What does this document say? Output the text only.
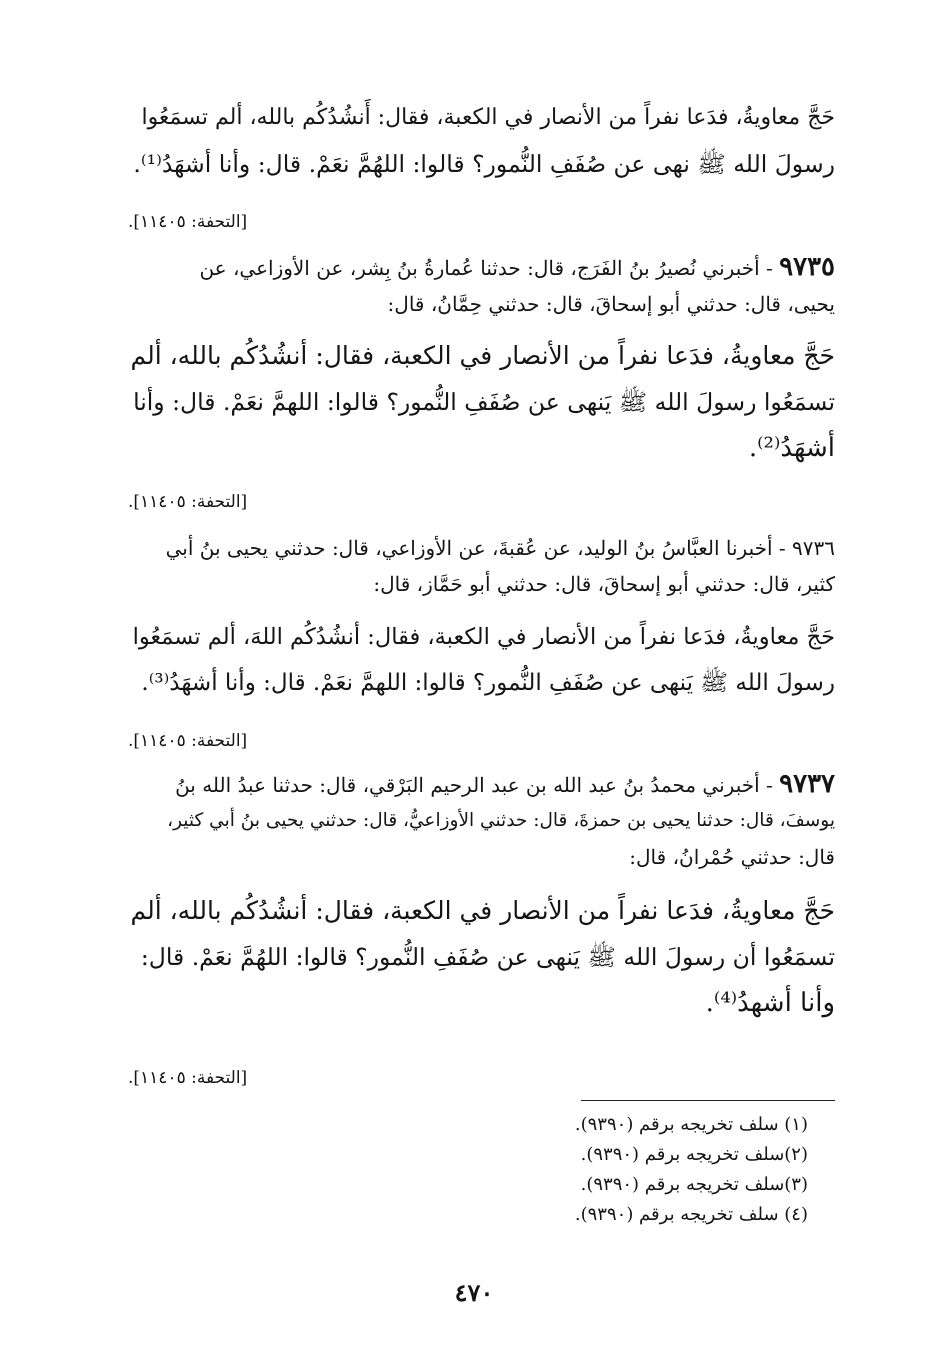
حَجَّ معاويةُ، فدَعا نفراً من الأنصار في الكعبة، فقال: أَنشُدُكُم بالله، ألم تسمَعُوا
رسولَ الله ﷺ نهى عن صُفَفِ النُّمور؟ قالوا: اللهُمَّ نعَمْ. قال: وأنا أشهَدُ⁽¹⁾.
[التحفة: ١١٤٠٥].
٩٧٣٥ - أخبرني نُصيرُ بنُ الفَرَج، قال: حدثنا عُمارةُ بنُ بِشر، عن الأوزاعي، عن
يحيى، قال: حدثني أبو إسحاقَ، قال: حدثني حِمَّانُ، قال:
حَجَّ معاويةُ، فدَعا نفراً من الأنصار في الكعبة، فقال: أنشُدُكُم بالله، ألم
تسمَعُوا رسولَ الله ﷺ يَنهى عن صُفَفِ النُّمور؟ قالوا: اللهمَّ نعَمْ. قال: وأنا
أشهَدُ⁽²⁾.
[التحفة: ١١٤٠٥].
٩٧٣٦ - أخبرنا العبَّاسُ بنُ الوليد، عن عُقبةَ، عن الأوزاعي، قال: حدثني يحيى بنُ أبي
كثير، قال: حدثني أبو إسحاقَ، قال: حدثني أبو حَمَّاز، قال:
حَجَّ معاويةُ، فدَعا نفراً من الأنصار في الكعبة، فقال: أنشُدُكُم اللهَ، ألم تسمَعُوا
رسولَ الله ﷺ يَنهى عن صُفَفِ النُّمور؟ قالوا: اللهمَّ نعَمْ. قال: وأنا أشهَدُ⁽³⁾.
[التحفة: ١١٤٠٥].
٩٧٣٧ - أخبرني محمدُ بنُ عبد الله بن عبد الرحيم البَرْقي، قال: حدثنا عبدُ الله بنُ
يوسفَ، قال: حدثنا يحيى بن حمزةَ، قال: حدثني الأوزاعيُّ، قال: حدثني يحيى بنُ أبي كثير،
قال: حدثني حُمْرانُ، قال:
حَجَّ معاويةُ، فدَعا نفراً من الأنصار في الكعبة، فقال: أنشُدُكُم بالله، ألم
تسمَعُوا أن رسولَ الله ﷺ يَنهى عن صُفَفِ النُّمور؟ قالوا: اللهُمَّ نعَمْ. قال:
وأنا أشهدُ⁽⁴⁾.
[التحفة: ١١٤٠٥].
(١) سلف تخريجه برقم (٩٣٩٠).
(٢)سلف تخريجه برقم (٩٣٩٠).
(٣)سلف تخريجه برقم (٩٣٩٠).
(٤) سلف تخريجه برقم (٩٣٩٠).
٤٧٠
